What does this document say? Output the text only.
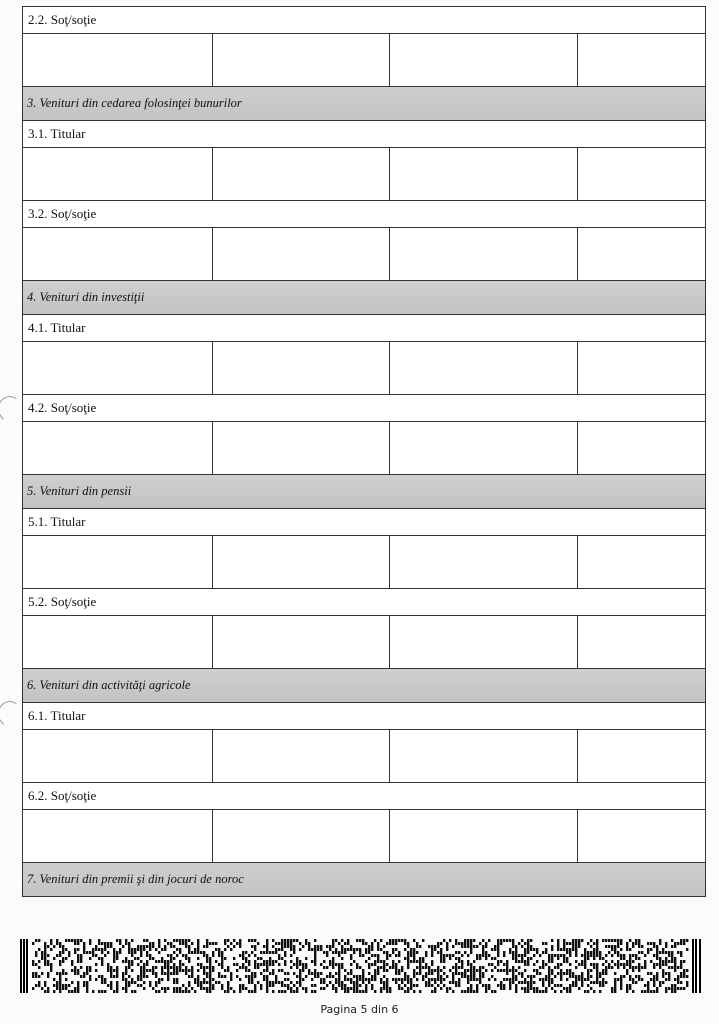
2.2. Soţ/soţie
3. Venituri din cedarea folosinţei bunurilor
3.1. Titular
3.2. Soţ/soţie
4. Venituri din investiţii
4.1. Titular
4.2. Soţ/soţie
5. Venituri din pensii
5.1. Titular
5.2. Soţ/soţie
6. Venituri din activităţi agricole
6.1. Titular
6.2. Soţ/soţie
7. Venituri din premii şi din jocuri de noroc
Pagina 5 din 6
